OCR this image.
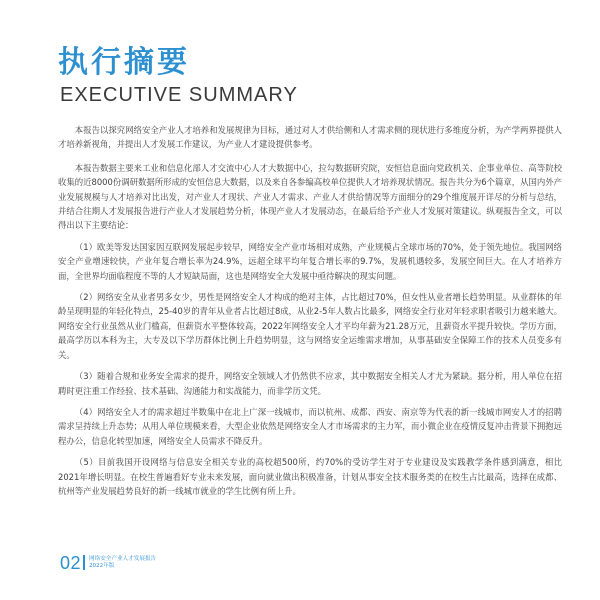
执行摘要
EXECUTIVE SUMMARY

本报告以探究网络安全产业人才培养和发展规律为目标，通过对人才供给侧和人才需求侧的现状进行多维度分析，为产学两界提供人才培养新视角，并提出人才发展工作建议，为产业人才建设提供参考。

本报告数据主要来工业和信息化部人才交流中心人才大数据中心，拉勾数据研究院，安恒信息面向党政机关、企事业单位、高等院校收集的近8000份调研数据所形成的安恒信息大数据，以及来自各参编高校单位提供人才培养现状情况。报告共分为6个篇章，从国内外产业发展规模与人才培养对比出发，对产业人才现状、产业人才需求、产业人才供给情况等方面细分的29个维度展开详尽的分析与总结，并结合往期人才发展报告进行产业人才发展趋势分析，体现产业人才发展动态，在最后给予产业人才发展对策建议。纵观报告全文，可以得出以下主要结论：

（1）欧美等发达国家因互联网发展起步较早，网络安全产业市场相对成熟，产业规模占全球市场的70%，处于领先地位。我国网络安全产业增速较快，产业年复合增长率为24.9%，远超全球平均年复合增长率的9.7%，发展机遇较多，发展空间巨大。在人才培养方面，全世界均面临程度不等的人才短缺局面，这也是网络安全大发展中亟待解决的现实问题。

（2）网络安全从业者男多女少，男性是网络安全人才构成的绝对主体，占比超过70%，但女性从业者增长趋势明显。从业群体的年龄呈现明显的年轻化特点，25-40岁的青年从业者占比超过8成，从业2-5年人数占比最多，网络安全行业对年轻求职者吸引力越来越大。网络安全行业虽然从业门槛高，但薪资水平整体较高，2022年网络安全人才平均年薪为21.28万元，且薪资水平提升较快。学历方面，最高学历以本科为主，大专及以下学历群体比例上升趋势明显，这与网络安全运维需求增加，从事基础安全保障工作的技术人员变多有关。

（3）随着合规和业务安全需求的提升，网络安全领域人才仍然供不应求，其中数据安全相关人才尤为紧缺。据分析，用人单位在招聘时更注重工作经验、技术基础、沟通能力和实战能力，而非学历文凭。

（4）网络安全人才的需求超过半数集中在北上广深一线城市，而以杭州、成都、西安、南京等为代表的新一线城市网安人才的招聘需求呈持续上升态势；从用人单位规模来看，大型企业依然是网络安全人才市场需求的主力军，而小微企业在疫情反复冲击背景下拥抱远程办公，信息化转型加速，网络安全人员需求不降反升。

（5）目前我国开设网络与信息安全相关专业的高校超500所，约70%的受访学生对于专业建设及实践教学条件感到满意，相比2021年增长明显。在校生普遍看好专业未来发展，面向就业做出积极准备，计划从事安全技术服务类的在校生占比最高，选择在成都、杭州等产业发展趋势良好的新一线城市就业的学生比例有所上升。

02 网络安全产业人才发展报告
2022年版
